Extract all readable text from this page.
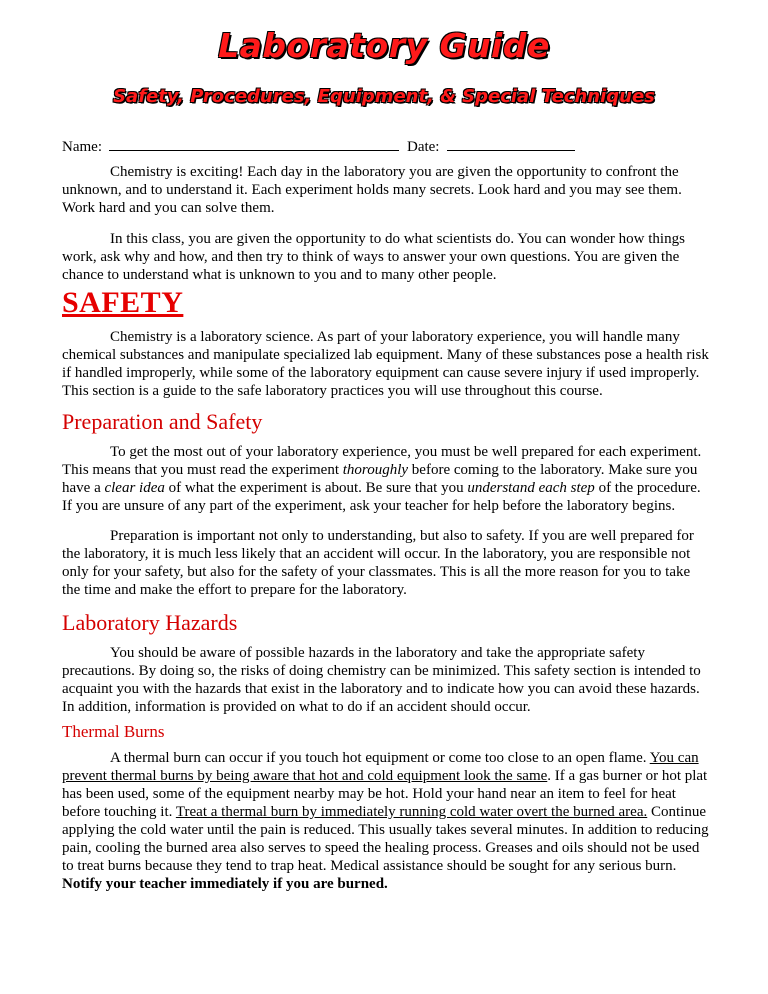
Laboratory Guide
Safety, Procedures, Equipment, & Special Techniques
Name:	Date:

Chemistry is exciting! Each day in the laboratory you are given the opportunity to confront the unknown, and to understand it. Each experiment holds many secrets. Look hard and you may see them. Work hard and you can solve them.

In this class, you are given the opportunity to do what scientists do. You can wonder how things work, ask why and how, and then try to think of ways to answer your own questions. You are given the chance to understand what is unknown to you and to many other people.

SAFETY

Chemistry is a laboratory science. As part of your laboratory experience, you will handle many chemical substances and manipulate specialized lab equipment. Many of these substances pose a health risk if handled improperly, while some of the laboratory equipment can cause severe injury if used improperly. This section is a guide to the safe laboratory practices you will use throughout this course.

Preparation and Safety

To get the most out of your laboratory experience, you must be well prepared for each experiment. This means that you must read the experiment thoroughly before coming to the laboratory. Make sure you have a clear idea of what the experiment is about. Be sure that you understand each step of the procedure. If you are unsure of any part of the experiment, ask your teacher for help before the laboratory begins.

Preparation is important not only to understanding, but also to safety. If you are well prepared for the laboratory, it is much less likely that an accident will occur. In the laboratory, you are responsible not only for your safety, but also for the safety of your classmates. This is all the more reason for you to take the time and make the effort to prepare for the laboratory.

Laboratory Hazards

You should be aware of possible hazards in the laboratory and take the appropriate safety precautions. By doing so, the risks of doing chemistry can be minimized. This safety section is intended to acquaint you with the hazards that exist in the laboratory and to indicate how you can avoid these hazards. In addition, information is provided on what to do if an accident should occur.

Thermal Burns

A thermal burn can occur if you touch hot equipment or come too close to an open flame. You can prevent thermal burns by being aware that hot and cold equipment look the same. If a gas burner or hot plat has been used, some of the equipment nearby may be hot. Hold your hand near an item to feel for heat before touching it. Treat a thermal burn by immediately running cold water overt the burned area. Continue applying the cold water until the pain is reduced. This usually takes several minutes. In addition to reducing pain, cooling the burned area also serves to speed the healing process. Greases and oils should not be used to treat burns because they tend to trap heat. Medical assistance should be sought for any serious burn. Notify your teacher immediately if you are burned.
